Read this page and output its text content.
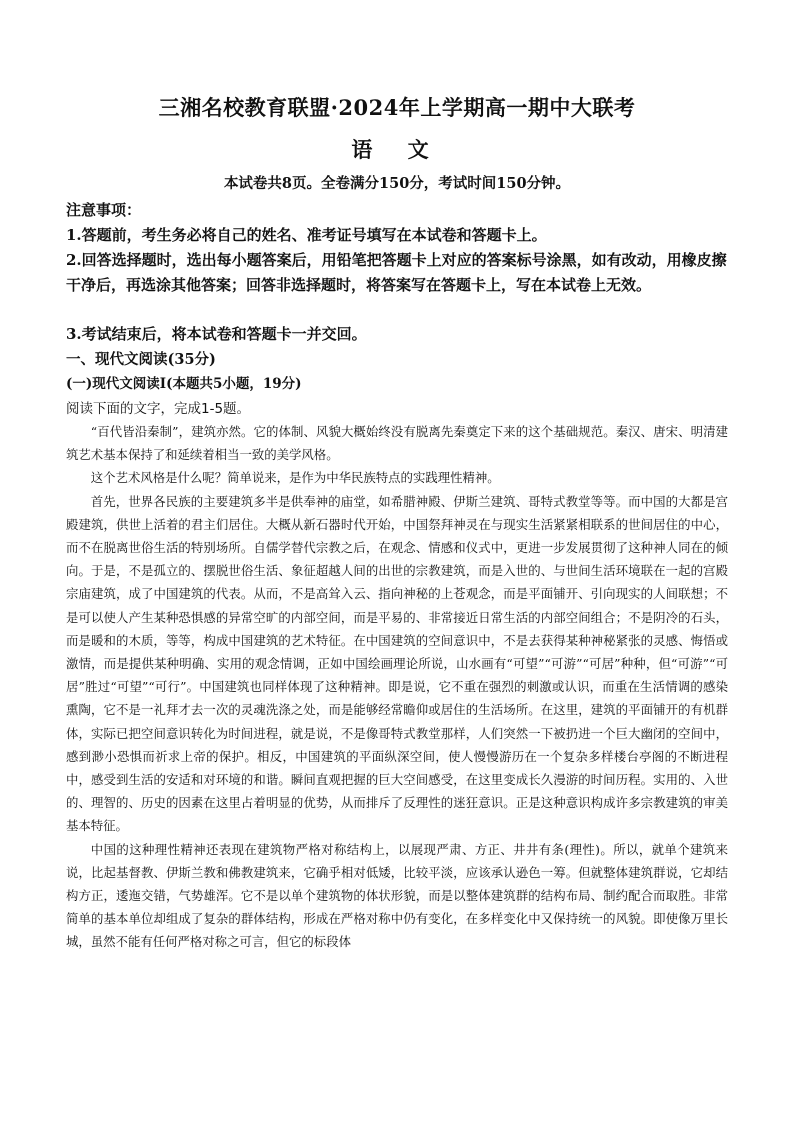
三湘名校教育联盟·2024年上学期高一期中大联考
语 文
本试卷共8页。全卷满分150分，考试时间150分钟。
注意事项：
1.答题前，考生务必将自己的姓名、准考证号填写在本试卷和答题卡上。
2.回答选择题时，选出每小题答案后，用铅笔把答题卡上对应的答案标号涂黑，如有改动，用橡皮擦干净后，再选涂其他答案；回答非选择题时，将答案写在答题卡上，写在本试卷上无效。
3.考试结束后，将本试卷和答题卡一并交回。
一、现代文阅读(35分)
(一)现代文阅读Ⅰ(本题共5小题，19分)
阅读下面的文字，完成1-5题。

“百代皆沿秦制”，建筑亦然。它的体制、风貌大概始终没有脱离先秦奠定下来的这个基础规范。秦汉、唐宋、明清建筑艺术基本保持了和延续着相当一致的美学风格。

这个艺术风格是什么呢？简单说来，是作为中华民族特点的实践理性精神。

首先，世界各民族的主要建筑多半是供奉神的庙堂，如希腊神殿、伊斯兰建筑、哥特式教堂等等。而中国的大都是宫殿建筑，供世上活着的君主们居住。大概从新石器时代开始，中国祭拜神灵在与现实生活紧紧相联系的世间居住的中心，而不在脱离世俗生活的特别场所。自儒学替代宗教之后，在观念、情感和仪式中，更进一步发展贯彻了这种神人同在的倾向。于是，不是孤立的、摆脱世俗生活、象征超越人间的出世的宗教建筑，而是入世的、与世间生活环境联在一起的宫殿宗庙建筑，成了中国建筑的代表。从而，不是高耸入云、指向神秘的上苍观念，而是平面铺开、引向现实的人间联想；不是可以使人产生某种恐惧感的异常空旷的内部空间，而是平易的、非常接近日常生活的内部空间组合；不是阴冷的石头，而是暖和的木质，等等，构成中国建筑的艺术特征。在中国建筑的空间意识中，不是去获得某种神秘紧张的灵感、悔悟或激情，而是提供某种明确、实用的观念情调，正如中国绘画理论所说，山水画有“可望”“可游”“可居”种种，但“可游”“可居”胜过“可望”“可行”。中国建筑也同样体现了这种精神。即是说，它不重在强烈的刺激或认识，而重在生活情调的感染熏陶，它不是一礼拜才去一次的灵魂洗涤之处，而是能够经常瞻仰或居住的生活场所。在这里，建筑的平面铺开的有机群体，实际已把空间意识转化为时间进程，就是说，不是像哥特式教堂那样，人们突然一下被扔进一个巨大幽闭的空间中，感到渺小恐惧而祈求上帝的保护。相反，中国建筑的平面纵深空间，使人慢慢游历在一个复杂多样楼台亭阁的不断进程中，感受到生活的安适和对环境的和谐。瞬间直观把握的巨大空间感受，在这里变成长久漫游的时间历程。实用的、入世的、理智的、历史的因素在这里占着明显的优势，从而排斥了反理性的迷狂意识。正是这种意识构成许多宗教建筑的审美基本特征。

中国的这种理性精神还表现在建筑物严格对称结构上，以展现严肃、方正、井井有条(理性)。所以，就单个建筑来说，比起基督教、伊斯兰教和佛教建筑来，它确乎相对低矮，比较平淡，应该承认逊色一筹。但就整体建筑群说，它却结构方正，逶迤交错，气势雄浑。它不是以单个建筑物的体状形貌，而是以整体建筑群的结构布局、制约配合而取胜。非常简单的基本单位却组成了复杂的群体结构，形成在严格对称中仍有变化，在多样变化中又保持统一的风貌。即使像万里长城，虽然不能有任何严格对称之可言，但它的标段体
